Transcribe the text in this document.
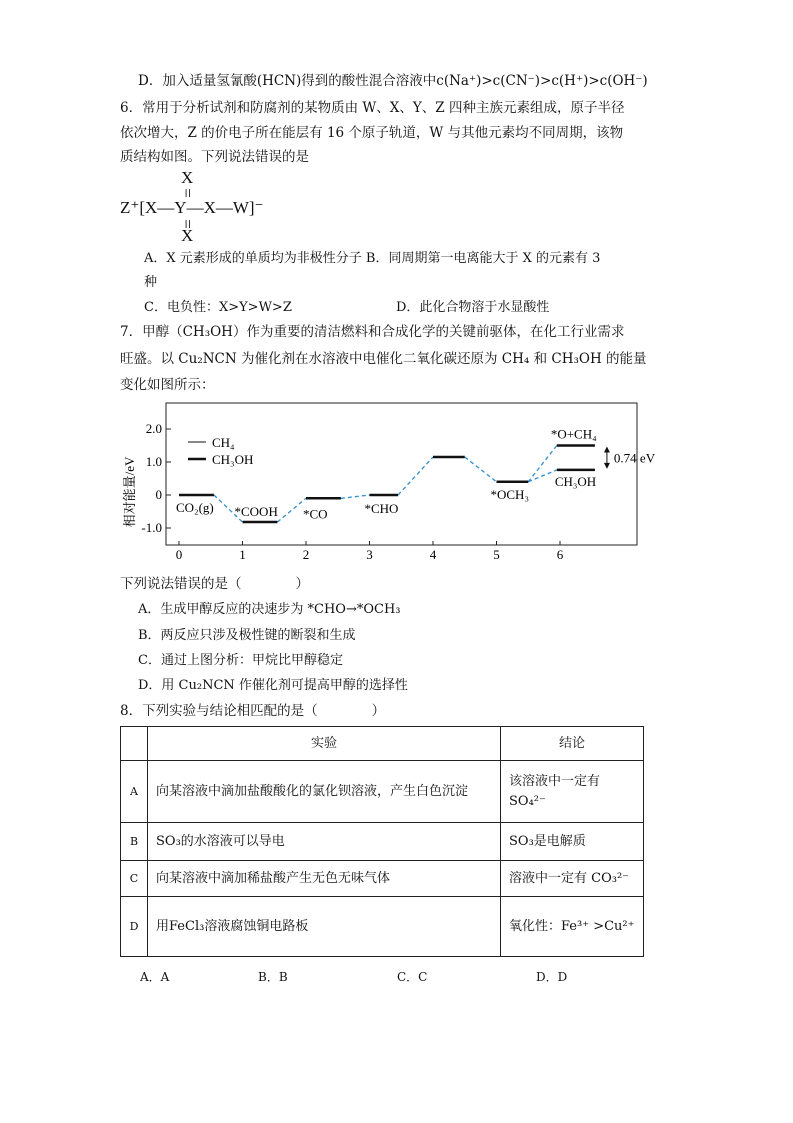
D．加入适量氢氰酸(HCN)得到的酸性混合溶液中c(Na⁺)>c(CN⁻)>c(H⁺)>c(OH⁻)
6．常用于分析试剂和防腐剂的某物质由 W、X、Y、Z 四种主族元素组成，原子半径
依次增大，Z 的价电子所在能层有 16 个原子轨道，W 与其他元素均不同周期，该物
质结构如图。下列说法错误的是
X
=
Z⁺[X—Y—X—W]⁻
=
X
A．X 元素形成的单质均为非极性分子 B．同周期第一电离能大于 X 的元素有 3
种
C．电负性：X>Y>W>Z	D．此化合物溶于水显酸性
7．甲醇（CH₃OH）作为重要的清洁燃料和合成化学的关键前驱体，在化工行业需求
旺盛。以 Cu₂NCN 为催化剂在水溶液中电催化二氧化碳还原为 CH₄ 和 CH₃OH 的能量
变化如图所示：
相对能量/eV
2.0
1.0
0
-1.0
0	1	2	3	4	5	6
CH₄
CH₃OH
CO₂(g) *COOH *CO	*CHO
*OCH₃
*O+CH₄
CH₃OH
0.74 eV
下列说法错误的是（　　　　）
A．生成甲醇反应的决速步为 *CHO→*OCH₃
B．两反应只涉及极性键的断裂和生成
C．通过上图分析：甲烷比甲醇稳定
D．用 Cu₂NCN 作催化剂可提高甲醇的选择性
8．下列实验与结论相匹配的是（　　　　）
	实验	结论
A	向某溶液中滴加盐酸酸化的氯化钡溶液，产生白色沉淀	该溶液中一定有 SO₄²⁻
B	SO₃的水溶液可以导电	SO₃是电解质
C	向某溶液中滴加稀盐酸产生无色无味气体	溶液中一定有 CO₃²⁻
D	用FeCl₃溶液腐蚀铜电路板	氧化性：Fe³⁺ >Cu²⁺
A．A	B．B	C．C	D．D
